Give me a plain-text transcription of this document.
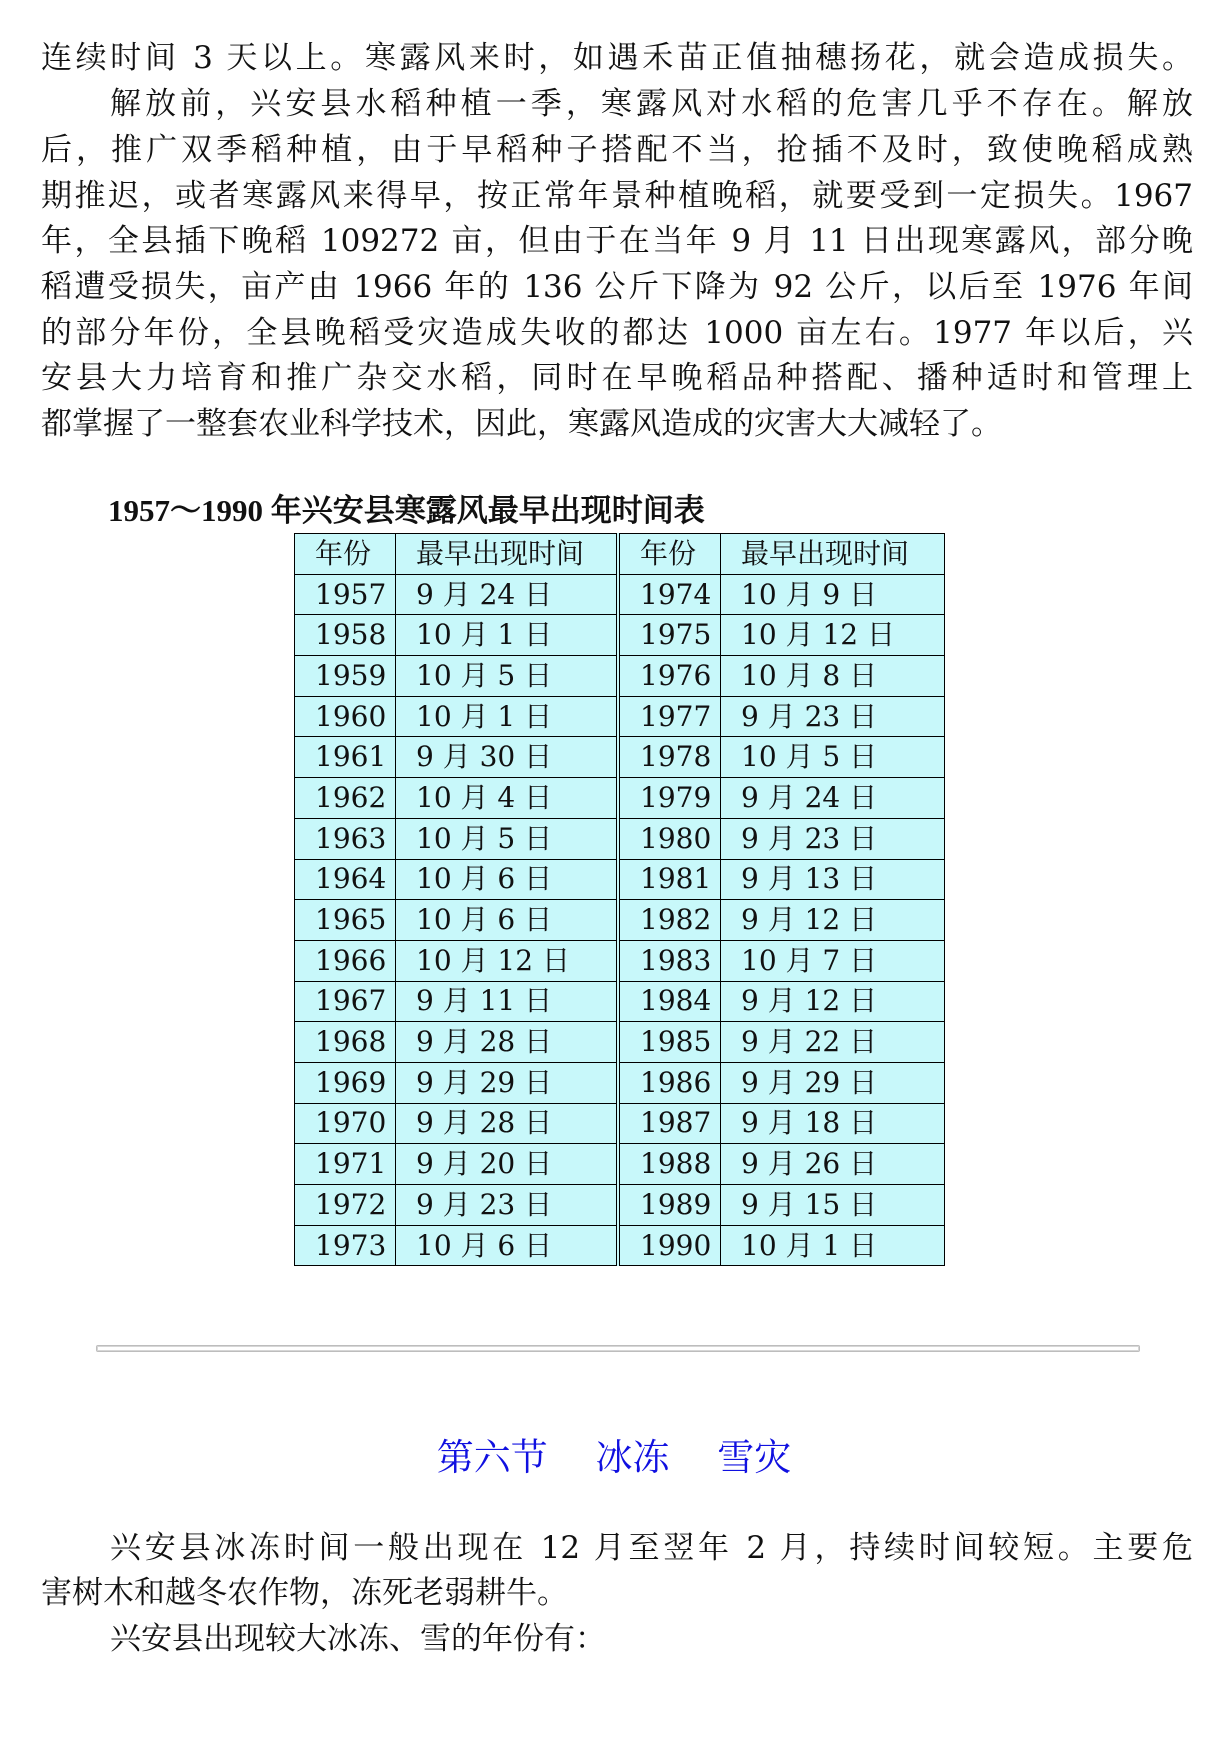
连续时间 3 天以上。寒露风来时，如遇禾苗正值抽穗扬花，就会造成损失。
解放前，兴安县水稻种植一季，寒露风对水稻的危害几乎不存在。解放
后，推广双季稻种植，由于早稻种子搭配不当，抢插不及时，致使晚稻成熟
期推迟，或者寒露风来得早，按正常年景种植晚稻，就要受到一定损失。1967
年，全县插下晚稻 109272 亩，但由于在当年 9 月 11 日出现寒露风，部分晚
稻遭受损失，亩产由 1966 年的 136 公斤下降为 92 公斤，以后至 1976 年间
的部分年份，全县晚稻受灾造成失收的都达 1000 亩左右。1977 年以后，兴
安县大力培育和推广杂交水稻，同时在早晚稻品种搭配、播种适时和管理上
都掌握了一整套农业科学技术，因此，寒露风造成的灾害大大减轻了。
1957～1990 年兴安县寒露风最早出现时间表
年份	最早出现时间	年份	最早出现时间
1957	9 月 24 日	1974	10 月 9 日
1958	10 月 1 日	1975	10 月 12 日
1959	10 月 5 日	1976	10 月 8 日
1960	10 月 1 日	1977	9 月 23 日
1961	9 月 30 日	1978	10 月 5 日
1962	10 月 4 日	1979	9 月 24 日
1963	10 月 5 日	1980	9 月 23 日
1964	10 月 6 日	1981	9 月 13 日
1965	10 月 6 日	1982	9 月 12 日
1966	10 月 12 日	1983	10 月 7 日
1967	9 月 11 日	1984	9 月 12 日
1968	9 月 28 日	1985	9 月 22 日
1969	9 月 29 日	1986	9 月 29 日
1970	9 月 28 日	1987	9 月 18 日
1971	9 月 20 日	1988	9 月 26 日
1972	9 月 23 日	1989	9 月 15 日
1973	10 月 6 日	1990	10 月 1 日
第六节 冰冻 雪灾
兴安县冰冻时间一般出现在 12 月至翌年 2 月，持续时间较短。主要危
害树木和越冬农作物，冻死老弱耕牛。
兴安县出现较大冰冻、雪的年份有：
